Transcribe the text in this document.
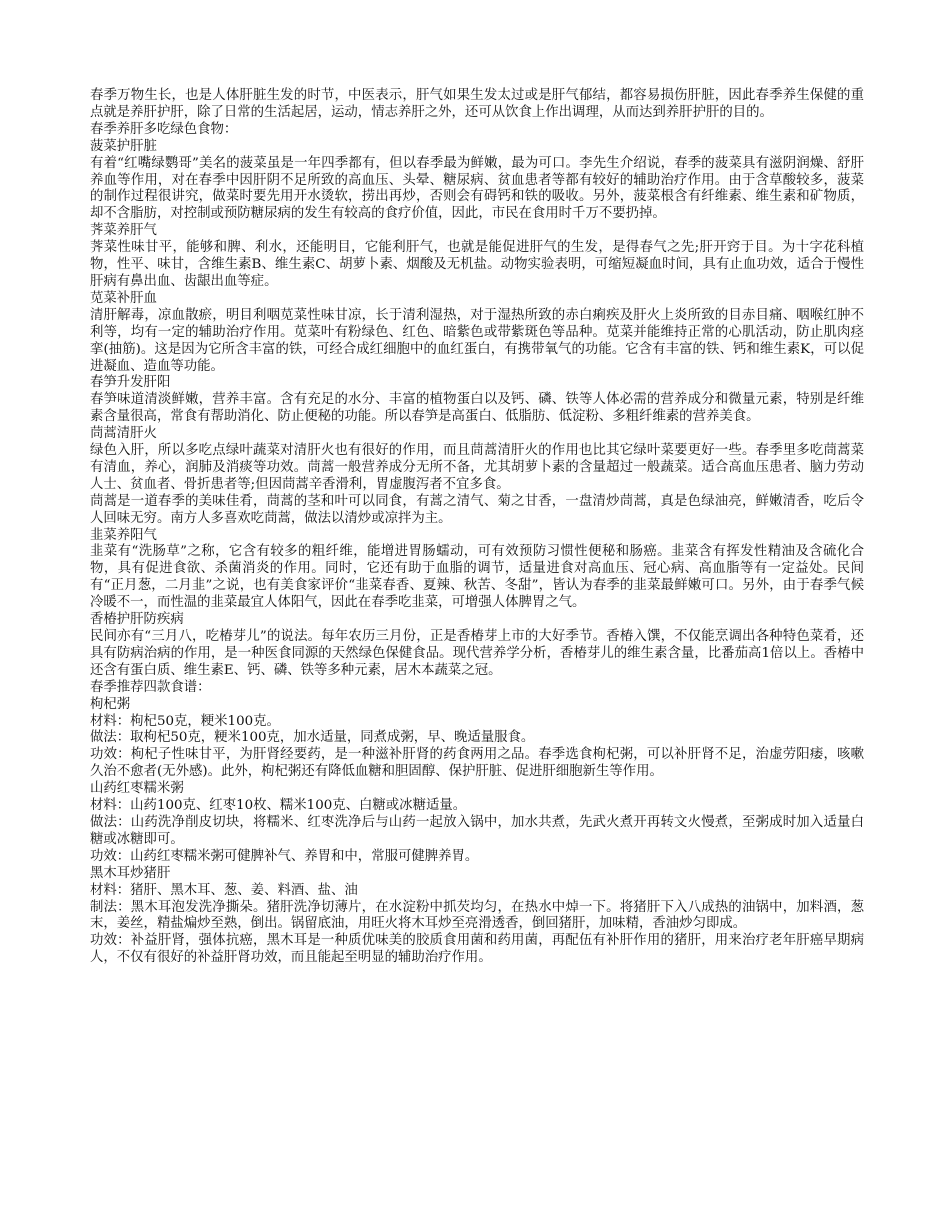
春季万物生长，也是人体肝脏生发的时节，中医表示，肝气如果生发太过或是肝气郁结，都容易损伤肝脏，因此春季养生保健的重点就是养肝护肝，除了日常的生活起居，运动，情志养肝之外，还可从饮食上作出调理，从而达到养肝护肝的目的。

春季养肝多吃绿色食物：

菠菜护肝脏

有着“红嘴绿鹦哥”美名的菠菜虽是一年四季都有，但以春季最为鲜嫩，最为可口。李先生介绍说，春季的菠菜具有滋阴润燥、舒肝养血等作用，对在春季中因肝阴不足所致的高血压、头晕、糖尿病、贫血患者等都有较好的辅助治疗作用。由于含草酸较多，菠菜的制作过程很讲究，做菜时要先用开水烫软，捞出再炒，否则会有碍钙和铁的吸收。另外，菠菜根含有纤维素、维生素和矿物质，却不含脂肪，对控制或预防糖尿病的发生有较高的食疗价值，因此，市民在食用时千万不要扔掉。

荠菜养肝气

荠菜性味甘平，能够和脾、利水，还能明目，它能利肝气，也就是能促进肝气的生发，是得春气之先;肝开窍于目。为十字花科植物，性平、味甘，含维生素B、维生素C、胡萝卜素、烟酸及无机盐。动物实验表明，可缩短凝血时间，具有止血功效，适合于慢性肝病有鼻出血、齿龈出血等症。

苋菜补肝血

清肝解毒，凉血散瘀，明目利咽苋菜性味甘凉，长于清利湿热，对于湿热所致的赤白痢疾及肝火上炎所致的目赤目痛、咽喉红肿不利等，均有一定的辅助治疗作用。苋菜叶有粉绿色、红色、暗紫色或带紫斑色等品种。苋菜并能维持正常的心肌活动，防止肌肉痉挛(抽筋)。这是因为它所含丰富的铁，可经合成红细胞中的血红蛋白，有携带氧气的功能。它含有丰富的铁、钙和维生素K，可以促进凝血、造血等功能。

春笋升发肝阳

春笋味道清淡鲜嫩，营养丰富。含有充足的水分、丰富的植物蛋白以及钙、磷、铁等人体必需的营养成分和微量元素，特别是纤维素含量很高，常食有帮助消化、防止便秘的功能。所以春笋是高蛋白、低脂肪、低淀粉、多粗纤维素的营养美食。

茼蒿清肝火

绿色入肝，所以多吃点绿叶蔬菜对清肝火也有很好的作用，而且茼蒿清肝火的作用也比其它绿叶菜要更好一些。春季里多吃茼蒿菜有清血，养心，润肺及消痰等功效。茼蒿一般营养成分无所不备，尤其胡萝卜素的含量超过一般蔬菜。适合高血压患者、脑力劳动人士、贫血者、骨折患者等;但因茼蒿辛香滑利，胃虚腹泻者不宜多食。

茼蒿是一道春季的美味佳肴，茼蒿的茎和叶可以同食，有蒿之清气、菊之甘香，一盘清炒茼蒿，真是色绿油亮，鲜嫩清香，吃后令人回味无穷。南方人多喜欢吃茼蒿，做法以清炒或凉拌为主。

韭菜养阳气

韭菜有“洗肠草”之称，它含有较多的粗纤维，能增进胃肠蠕动，可有效预防习惯性便秘和肠癌。韭菜含有挥发性精油及含硫化合物，具有促进食欲、杀菌消炎的作用。同时，它还有助于血脂的调节，适量进食对高血压、冠心病、高血脂等有一定益处。民间有“正月葱，二月韭”之说，也有美食家评价“韭菜春香、夏辣、秋苦、冬甜”，皆认为春季的韭菜最鲜嫩可口。另外，由于春季气候冷暖不一，而性温的韭菜最宜人体阳气，因此在春季吃韭菜，可增强人体脾胃之气。

香椿护肝防疾病

民间亦有“三月八，吃椿芽儿”的说法。每年农历三月份，正是香椿芽上市的大好季节。香椿入馔，不仅能烹调出各种特色菜肴，还具有防病治病的作用，是一种医食同源的天然绿色保健食品。现代营养学分析，香椿芽儿的维生素含量，比番茄高1倍以上。香椿中还含有蛋白质、维生素E、钙、磷、铁等多种元素，居木本蔬菜之冠。

春季推荐四款食谱：

枸杞粥

材料：枸杞50克，粳米100克。

做法：取枸杞50克，粳米100克，加水适量，同煮成粥，早、晚适量服食。

功效：枸杞子性味甘平，为肝肾经要药，是一种滋补肝肾的药食两用之品。春季选食枸杞粥，可以补肝肾不足，治虚劳阳痿，咳嗽久治不愈者(无外感)。此外，枸杞粥还有降低血糖和胆固醇、保护肝脏、促进肝细胞新生等作用。

山药红枣糯米粥

材料：山药100克、红枣10枚、糯米100克、白糖或冰糖适量。

做法：山药洗净削皮切块，将糯米、红枣洗净后与山药一起放入锅中，加水共煮，先武火煮开再转文火慢煮，至粥成时加入适量白糖或冰糖即可。

功效：山药红枣糯米粥可健脾补气、养胃和中，常服可健脾养胃。

黑木耳炒猪肝

材料：猪肝、黑木耳、葱、姜、料酒、盐、油

制法：黑木耳泡发洗净撕朵。猪肝洗净切薄片，在水淀粉中抓芡均匀，在热水中焯一下。将猪肝下入八成热的油锅中，加料酒，葱末，姜丝，精盐煸炒至熟，倒出。锅留底油，用旺火将木耳炒至亮滑透香，倒回猪肝，加味精，香油炒匀即成。

功效：补益肝肾，强体抗癌，黑木耳是一种质优味美的胶质食用菌和药用菌，再配伍有补肝作用的猪肝，用来治疗老年肝癌早期病人，不仅有很好的补益肝肾功效，而且能起至明显的辅助治疗作用。
